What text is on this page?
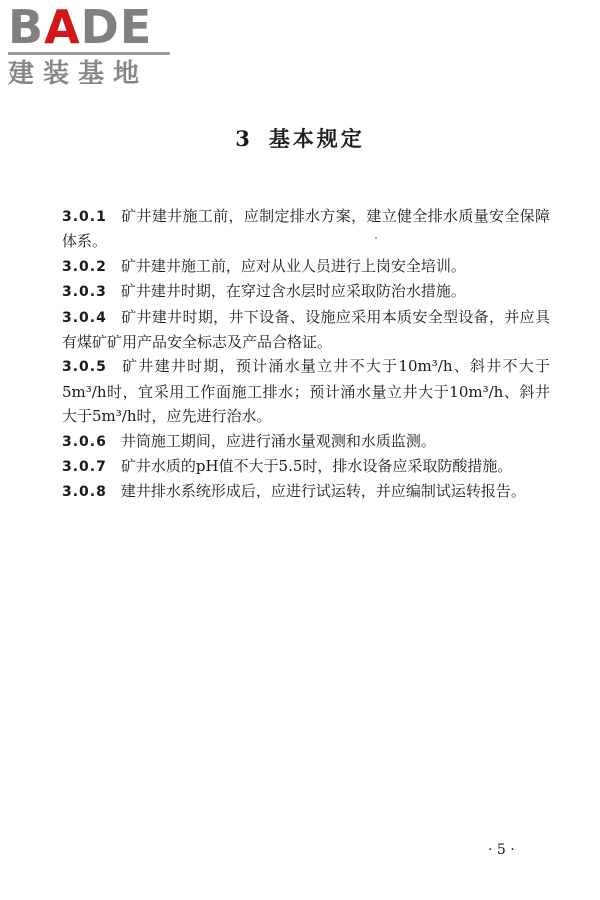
BADE
建装基地
3 基本规定

3.0.1 矿井建井施工前，应制定排水方案，建立健全排水质量安全保障体系。

3.0.2 矿井建井施工前，应对从业人员进行上岗安全培训。

3.0.3 矿井建井时期，在穿过含水层时应采取防治水措施。

3.0.4 矿井建井时期，井下设备、设施应采用本质安全型设备，并应具有煤矿矿用产品安全标志及产品合格证。

3.0.5 矿井建井时期，预计涌水量立井不大于10m³/h、斜井不大于5m³/h时，宜采用工作面施工排水；预计涌水量立井大于10m³/h、斜井大于5m³/h时，应先进行治水。

3.0.6 井筒施工期间，应进行涌水量观测和水质监测。

3.0.7 矿井水质的pH值不大于5.5时，排水设备应采取防酸措施。

3.0.8 建井排水系统形成后，应进行试运转，并应编制试运转报告。

· 5 ·
